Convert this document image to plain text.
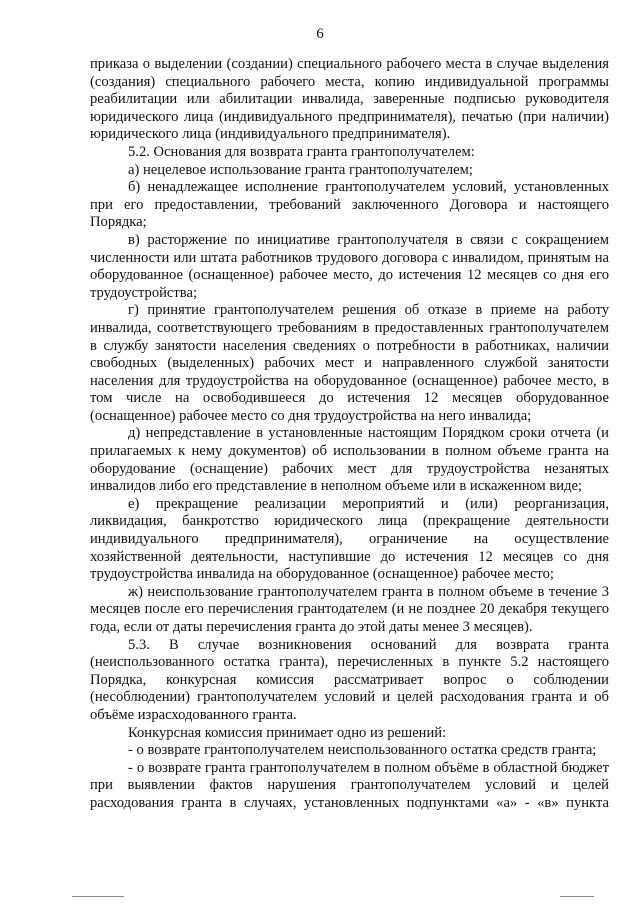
6

приказа о выделении (создании) специального рабочего места в случае выделения (создания) специального рабочего места, копию индивидуальной программы реабилитации или абилитации инвалида, заверенные подписью руководителя юридического лица (индивидуального предпринимателя), печатью (при наличии) юридического лица (индивидуального предпринимателя).

5.2. Основания для возврата гранта грантополучателем:

а) нецелевое использование гранта грантополучателем;

б) ненадлежащее исполнение грантополучателем условий, установленных при его предоставлении, требований заключенного Договора и настоящего Порядка;

в) расторжение по инициативе грантополучателя в связи с сокращением численности или штата работников трудового договора с инвалидом, принятым на оборудованное (оснащенное) рабочее место, до истечения 12 месяцев со дня его трудоустройства;

г) принятие грантополучателем решения об отказе в приеме на работу инвалида, соответствующего требованиям в предоставленных грантополучателем в службу занятости населения сведениях о потребности в работниках, наличии свободных (выделенных) рабочих мест и направленного службой занятости населения для трудоустройства на оборудованное (оснащенное) рабочее место, в том числе на освободившееся до истечения 12 месяцев оборудованное (оснащенное) рабочее место со дня трудоустройства на него инвалида;

д) непредставление в установленные настоящим Порядком сроки отчета (и прилагаемых к нему документов) об использовании в полном объеме гранта на оборудование (оснащение) рабочих мест для трудоустройства незанятых инвалидов либо его представление в неполном объеме или в искаженном виде;

е) прекращение реализации мероприятий и (или) реорганизация, ликвидация, банкротство юридического лица (прекращение деятельности индивидуального предпринимателя), ограничение на осуществление хозяйственной деятельности, наступившие до истечения 12 месяцев со дня трудоустройства инвалида на оборудованное (оснащенное) рабочее место;

ж) неиспользование грантополучателем гранта в полном объеме в течение 3 месяцев после его перечисления грантодателем (и не позднее 20 декабря текущего года, если от даты перечисления гранта до этой даты менее 3 месяцев).

5.3. В случае возникновения оснований для возврата гранта (неиспользованного остатка гранта), перечисленных в пункте 5.2 настоящего Порядка, конкурсная комиссия рассматривает вопрос о соблюдении (несоблюдении) грантополучателем условий и целей расходования гранта и об объёме израсходованного гранта.

Конкурсная комиссия принимает одно из решений:

- о возврате грантополучателем неиспользованного остатка средств гранта;

- о возврате гранта грантополучателем в полном объёме в областной бюджет при выявлении фактов нарушения грантополучателем условий и целей расходования гранта в случаях, установленных подпунктами «а» - «в» пункта
